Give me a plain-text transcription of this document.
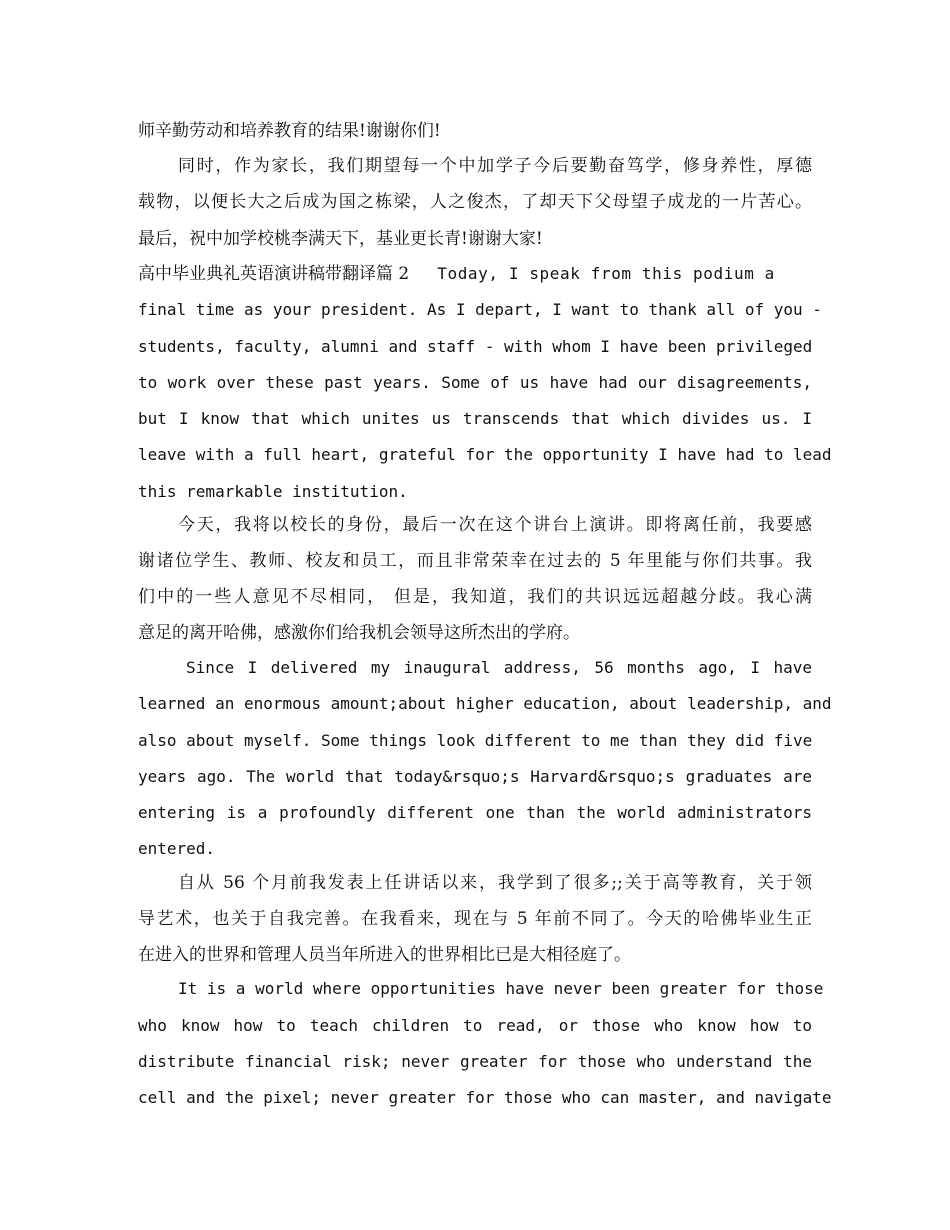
师辛勤劳动和培养教育的结果!谢谢你们!
同时，作为家长，我们期望每一个中加学子今后要勤奋笃学，修身养性，厚德
载物，以便长大之后成为国之栋梁，人之俊杰，了却天下父母望子成龙的一片苦心。
最后，祝中加学校桃李满天下，基业更长青!谢谢大家!
高中毕业典礼英语演讲稿带翻译篇 2 Today, I speak from this podium a
final time as your president. As I depart, I want to thank all of you -
students, faculty, alumni and staff - with whom I have been privileged
to work over these past years. Some of us have had our disagreements,
but I know that which unites us transcends that which divides us. I
leave with a full heart, grateful for the opportunity I have had to lead
this remarkable institution.
今天，我将以校长的身份，最后一次在这个讲台上演讲。即将离任前，我要感
谢诸位学生、教师、校友和员工，而且非常荣幸在过去的 5 年里能与你们共事。我
们中的一些人意见不尽相同， 但是，我知道，我们的共识远远超越分歧。我心满
意足的离开哈佛，感激你们给我机会领导这所杰出的学府。
Since I delivered my inaugural address, 56 months ago, I have
learned an enormous amount;about higher education, about leadership, and
also about myself. Some things look different to me than they did five
years ago. The world that today&rsquo;s Harvard&rsquo;s graduates are
entering is a profoundly different one than the world administrators
entered.
自从 56 个月前我发表上任讲话以来，我学到了很多;;关于高等教育，关于领
导艺术，也关于自我完善。在我看来，现在与 5 年前不同了。今天的哈佛毕业生正
在进入的世界和管理人员当年所进入的世界相比已是大相径庭了。
It is a world where opportunities have never been greater for those
who know how to teach children to read, or those who know how to
distribute financial risk; never greater for those who understand the
cell and the pixel; never greater for those who can master, and navigate
